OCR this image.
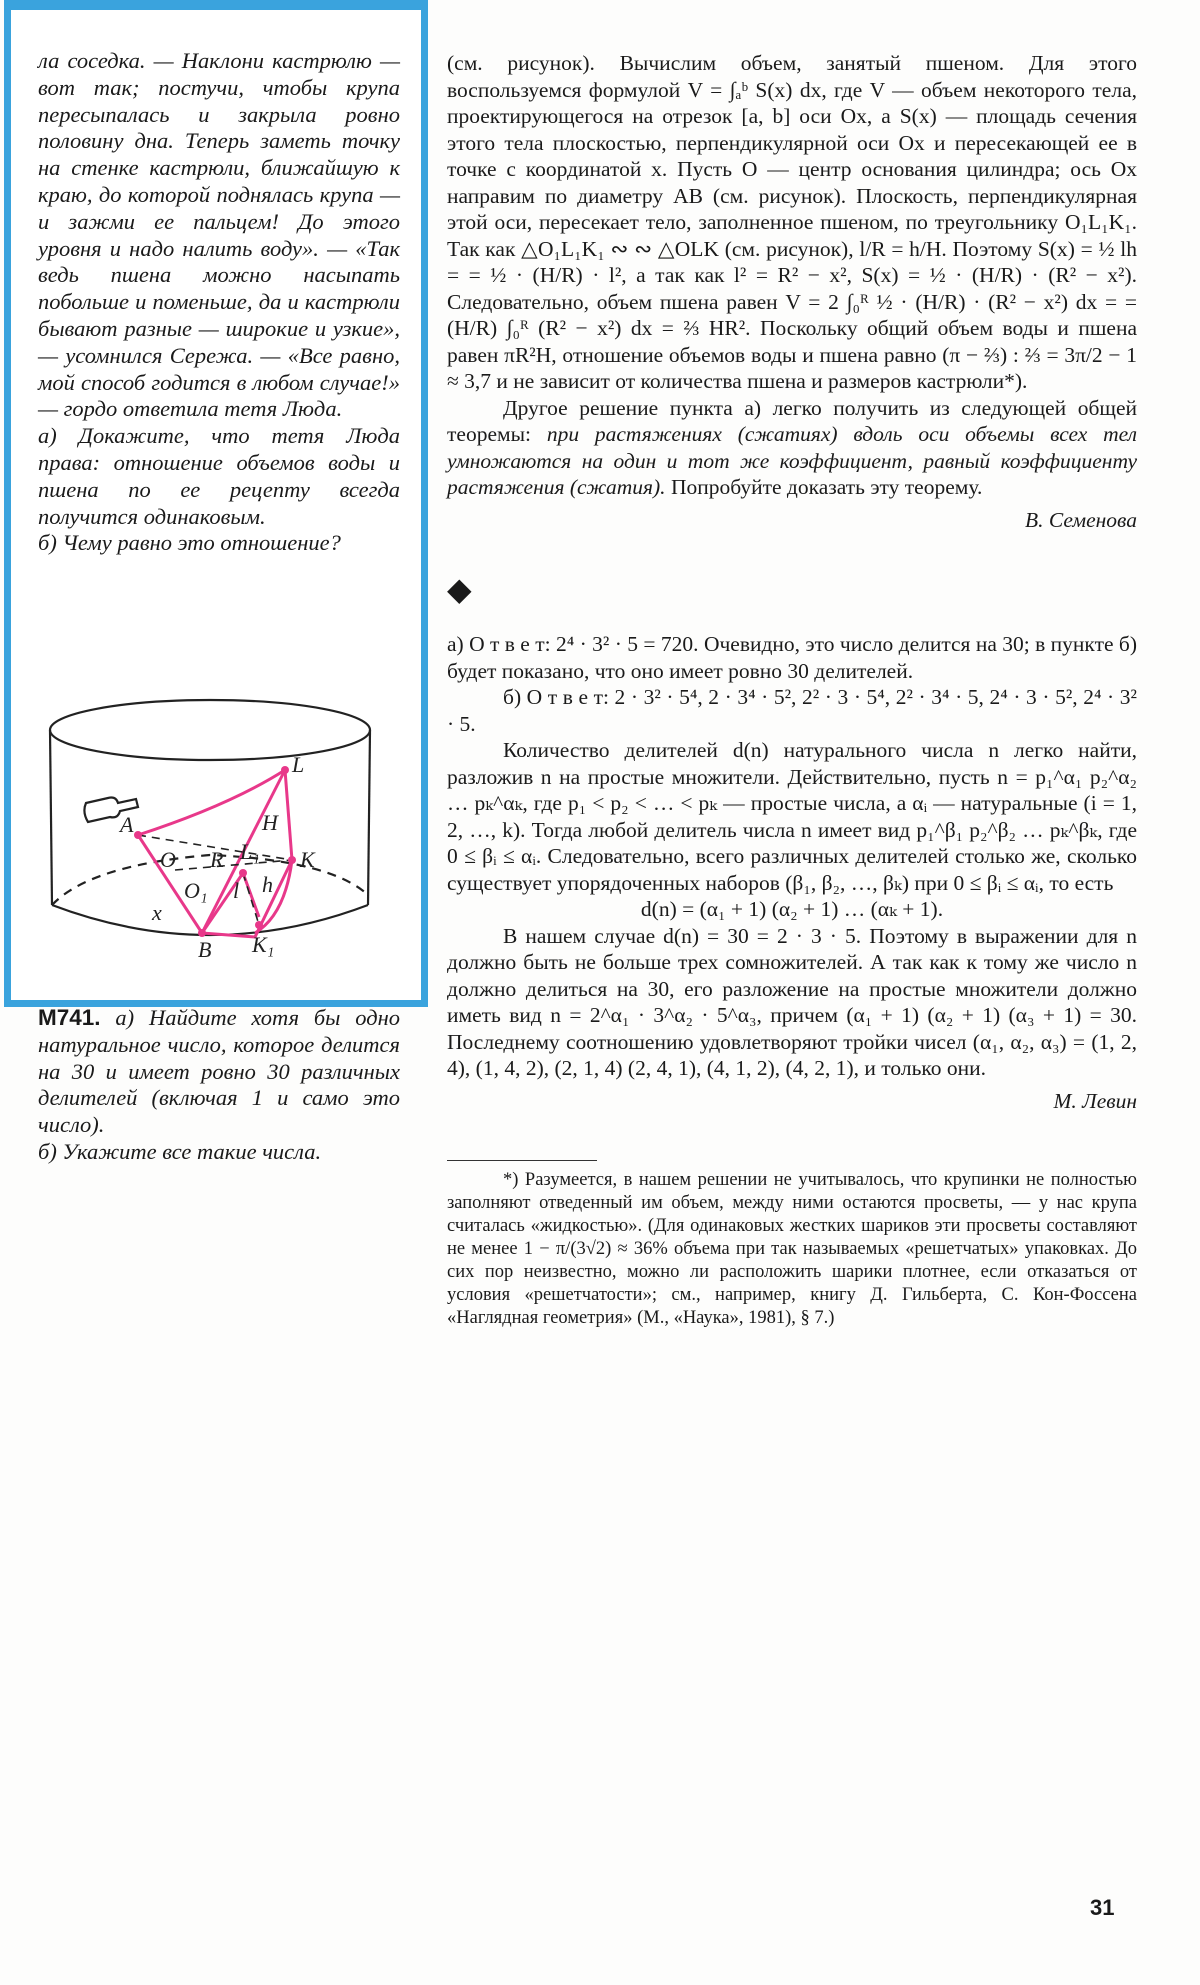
ла соседка. — Наклони кастрюлю — вот так; постучи, чтобы крупа пересыпалась и закрыла ровно половину дна. Теперь заметь точку на стенке кастрюли, ближайшую к краю, до которой поднялась крупа — и зажми ее пальцем! До этого уровня и надо налить воду». — «Так ведь пшена можно насыпать побольше и поменьше, да и кастрюли бывают разные — широкие и узкие», — усомнился Сережа. — «Все равно, мой способ годится в любом случае!» — гордо ответила тетя Люда.

а) Докажите, что тетя Люда права: отношение объемов воды и пшена по ее рецепту всегда получится одинаковым.

б) Чему равно это отношение?

L
H
A
L₁ K
O R
O₁ l h
x
B K₁
М741. а) Найдите хотя бы одно натуральное число, которое делится на 30 и имеет ровно 30 различных делителей (включая 1 и само это число).
б) Укажите все такие числа.

(см. рисунок). Вычислим объем, занятый пшеном. Для этого воспользуемся формулой V = ∫ₐᵇ S(x) dx, где V — объем некоторого тела, проектирующегося на отрезок [a, b] оси Ox, а S(x) — площадь сечения этого тела плоскостью, перпендикулярной оси Ox и пересекающей ее в точке с координатой x. Пусть O — центр основания цилиндра; ось Ox направим по диаметру AB (см. рисунок). Плоскость, перпендикулярная этой оси, пересекает тело, заполненное пшеном, по треугольнику O₁L₁K₁. Так как △O₁L₁K₁ ∾ ∾ △OLK (см. рисунок), l/R = h/H. Поэтому S(x) = ½ lh = = ½ · (H/R) · l², а так как l² = R² − x², S(x) = ½ · (H/R) · (R² − x²). Следовательно, объем пшена равен V = 2 ∫₀ᴿ ½ · (H/R) · (R² − x²) dx = = (H/R) ∫₀ᴿ (R² − x²) dx = ⅔ HR². Поскольку общий объем воды и пшена равен πR²H, отношение объемов воды и пшена равно (π − ⅔) : ⅔ = 3π/2 − 1 ≈ 3,7 и не зависит от количества пшена и размеров кастрюли*).

Другое решение пункта а) легко получить из следующей общей теоремы: при растяжениях (сжатиях) вдоль оси объемы всех тел умножаются на один и тот же коэффициент, равный коэффициенту растяжения (сжатия). Попробуйте доказать эту теорему.

В. Семенова

◆

а) О т в е т: 2⁴ · 3² · 5 = 720. Очевидно, это число делится на 30; в пункте б) будет показано, что оно имеет ровно 30 делителей.

б) О т в е т: 2 · 3² · 5⁴, 2 · 3⁴ · 5², 2² · 3 · 5⁴, 2² · 3⁴ · 5, 2⁴ · 3 · 5², 2⁴ · 3² · 5.

Количество делителей d(n) натурального числа n легко найти, разложив n на простые множители. Действительно, пусть n = p₁^α₁ p₂^α₂ … pₖ^αₖ, где p₁ < p₂ < … < pₖ — простые числа, а αᵢ — натуральные (i = 1, 2, …, k). Тогда любой делитель числа n имеет вид p₁^β₁ p₂^β₂ … pₖ^βₖ, где 0 ≤ βᵢ ≤ αᵢ. Следовательно, всего различных делителей столько же, сколько существует упорядоченных наборов (β₁, β₂, …, βₖ) при 0 ≤ βᵢ ≤ αᵢ, то есть

d(n) = (α₁ + 1) (α₂ + 1) … (αₖ + 1).

В нашем случае d(n) = 30 = 2 · 3 · 5. Поэтому в выражении для n должно быть не больше трех сомножителей. А так как к тому же число n должно делиться на 30, его разложение на простые множители должно иметь вид n = 2^α₁ · 3^α₂ · 5^α₃, причем (α₁ + 1) (α₂ + 1) (α₃ + 1) = 30. Последнему соотношению удовлетворяют тройки чисел (α₁, α₂, α₃) = (1, 2, 4), (1, 4, 2), (2, 1, 4) (2, 4, 1), (4, 1, 2), (4, 2, 1), и только они.

М. Левин

*) Разумеется, в нашем решении не учитывалось, что крупинки не полностью заполняют отведенный им объем, между ними остаются просветы, — у нас крупа считалась «жидкостью». (Для одинаковых жестких шариков эти просветы составляют не менее 1 − π/(3√2) ≈ 36% объема при так называемых «решетчатых» упаковках. До сих пор неизвестно, можно ли расположить шарики плотнее, если отказаться от условия «решетчатости»; см., например, книгу Д. Гильберта, С. Кон-Фоссена «Наглядная геометрия» (М., «Наука», 1981), § 7.)

31
